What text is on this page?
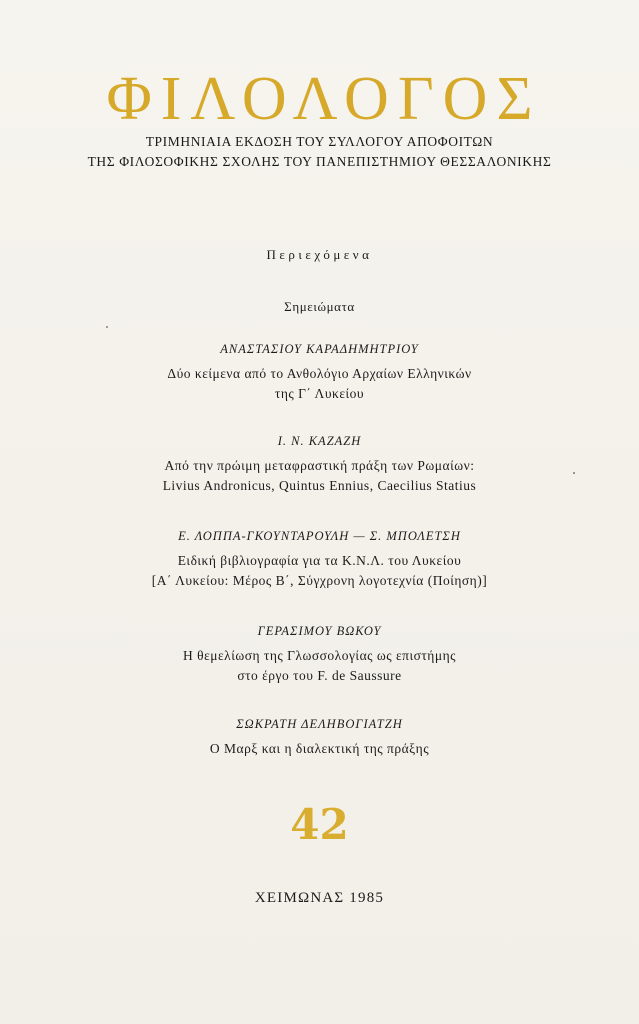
ΦΙΛΟΛΟΓΟΣ
ΤΡΙΜΗΝΙΑΙΑ ΕΚΔΟΣΗ ΤΟΥ ΣΥΛΛΟΓΟΥ ΑΠΟΦΟΙΤΩΝ
ΤΗΣ ΦΙΛΟΣΟΦΙΚΗΣ ΣΧΟΛΗΣ ΤΟΥ ΠΑΝΕΠΙΣΤΗΜΙΟΥ ΘΕΣΣΑΛΟΝΙΚΗΣ
Περιεχόμενα
Σημειώματα
ΑΝΑΣΤΑΣΙΟΥ ΚΑΡΑΔΗΜΗΤΡΙΟΥ
Δύο κείμενα από το Ανθολόγιο Αρχαίων Ελληνικών
της Γ΄ Λυκείου
Ι. Ν. ΚΑΖΑΖΗ
Από την πρώιμη μεταφραστική πράξη των Ρωμαίων:
Livius Andronicus, Quintus Ennius, Caecilius Statius
Ε. ΛΟΠΠΑ-ΓΚΟΥΝΤΑΡΟΥΛΗ — Σ. ΜΠΟΛΕΤΣΗ
Ειδική βιβλιογραφία για τα Κ.Ν.Λ. του Λυκείου
[Α΄ Λυκείου: Μέρος Β΄, Σύγχρονη λογοτεχνία (Ποίηση)]
ΓΕΡΑΣΙΜΟΥ ΒΩΚΟΥ
Η θεμελίωση της Γλωσσολογίας ως επιστήμης
στο έργο του F. de Saussure
ΣΩΚΡΑΤΗ ΔΕΛΗΒΟΓΙΑΤΖΗ
Ο Μαρξ και η διαλεκτική της πράξης
42
ΧΕΙΜΩΝΑΣ 1985
